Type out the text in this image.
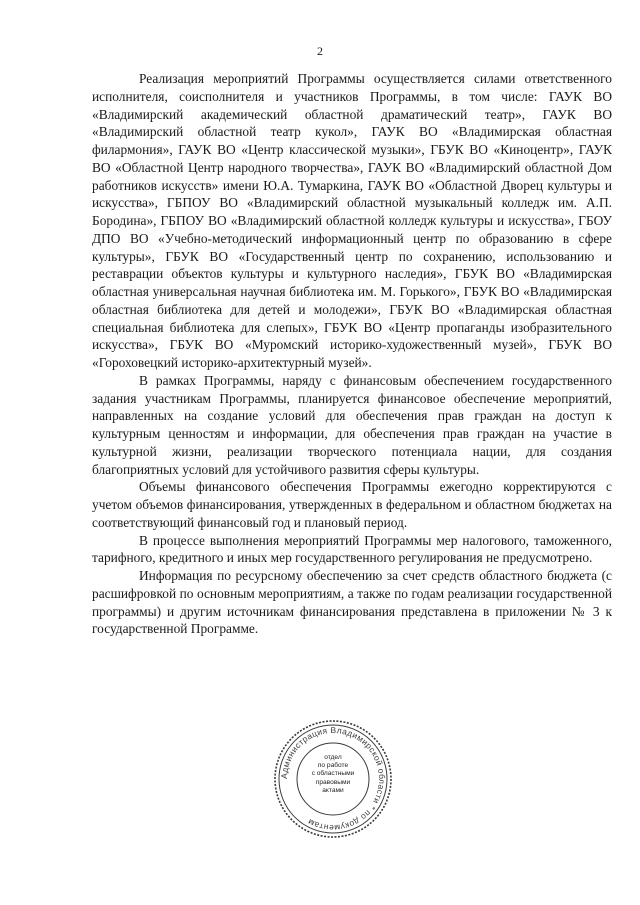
2

Реализация мероприятий Программы осуществляется силами ответственного исполнителя, соисполнителя и участников Программы, в том числе: ГАУК ВО «Владимирский академический областной драматический театр», ГАУК ВО «Владимирский областной театр кукол», ГАУК ВО «Владимирская областная филармония», ГАУК ВО «Центр классической музыки», ГБУК ВО «Киноцентр», ГАУК ВО «Областной Центр народного творчества», ГАУК ВО «Владимирский областной Дом работников искусств» имени Ю.А. Тумаркина, ГАУК ВО «Областной Дворец культуры и искусства», ГБПОУ ВО «Владимирский областной музыкальный колледж им. А.П. Бородина», ГБПОУ ВО «Владимирский областной колледж культуры и искусства», ГБОУ ДПО ВО «Учебно-методический информационный центр по образованию в сфере культуры», ГБУК ВО «Государственный центр по сохранению, использованию и реставрации объектов культуры и культурного наследия», ГБУК ВО «Владимирская областная универсальная научная библиотека им. М. Горького», ГБУК ВО «Владимирская областная библиотека для детей и молодежи», ГБУК ВО «Владимирская областная специальная библиотека для слепых», ГБУК ВО «Центр пропаганды изобразительного искусства», ГБУК ВО «Муромский историко-художественный музей», ГБУК ВО «Гороховецкий историко-архитектурный музей».

В рамках Программы, наряду с финансовым обеспечением государственного задания участникам Программы, планируется финансовое обеспечение мероприятий, направленных на создание условий для обеспечения прав граждан на доступ к культурным ценностям и информации, для обеспечения прав граждан на участие в культурной жизни, реализации творческого потенциала нации, для создания благоприятных условий для устойчивого развития сферы культуры.

Объемы финансового обеспечения Программы ежегодно корректируются с учетом объемов финансирования, утвержденных в федеральном и областном бюджетах на соответствующий финансовый год и плановый период.

В процессе выполнения мероприятий Программы мер налогового, таможенного, тарифного, кредитного и иных мер государственного регулирования не предусмотрено.

Информация по ресурсному обеспечению за счет средств областного бюджета (с расшифровкой по основным мероприятиям, а также по годам реализации государственной программы) и другим источникам финансирования представлена в приложении № 3 к государственной Программе.

Администрация Владимирской области * по документам
отдел
по работе
с областными
правовыми
актами
